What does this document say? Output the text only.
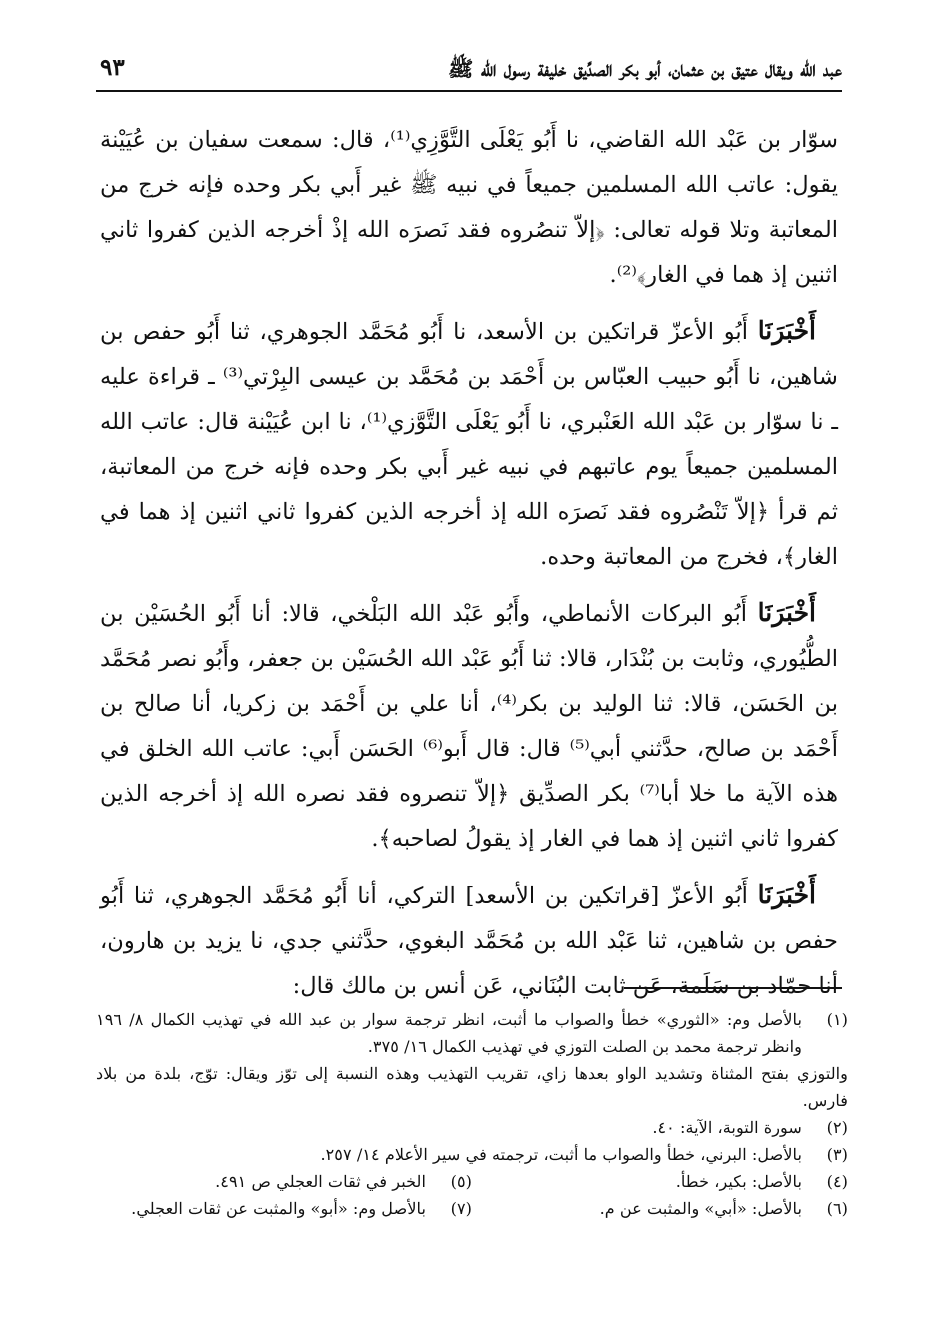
عبد الله ويقال عتيق بن عثمان، أبو بكر الصدِّيق خليفة رسول الله ﷺ
٩٣

سوّار بن عَبْد الله القاضي، نا أَبُو يَعْلَى التَّوَّزِي⁽¹⁾، قال: سمعت سفيان بن عُيَيْنة يقول: عاتب الله المسلمين جميعاً في نبيه ﷺ غير أَبي بكر وحده فإنه خرج من المعاتبة وتلا قوله تعالى: ﴿إلاّ تنصُروه فقد نَصرَه الله إذْ أخرجه الذين كفروا ثاني اثنين إذ هما في الغار﴾⁽²⁾.

أَخْبَرَنَا أَبُو الأعزّ قراتكين بن الأسعد، نا أَبُو مُحَمَّد الجوهري، ثنا أَبُو حفص بن شاهين، نا أَبُو حبيب العبّاس بن أَحْمَد بن مُحَمَّد بن عيسى البِرْتي⁽³⁾ ـ قراءة عليه ـ نا سوّار بن عَبْد الله العَنْبري، نا أَبُو يَعْلَى التَّوَّزي⁽¹⁾، نا ابن عُيَيْنة قال: عاتب الله المسلمين جميعاً يوم عاتبهم في نبيه غير أَبي بكر وحده فإنه خرج من المعاتبة، ثم قرأ ﴿إلاّ تَنْصُروه فقد نَصرَه الله إذ أخرجه الذين كفروا ثاني اثنين إذ هما في الغار﴾، فخرج من المعاتبة وحده.

أَخْبَرَنَا أَبُو البركات الأنماطي، وأَبُو عَبْد الله البَلْخي، قالا: أنا أَبُو الحُسَيْن بن الطُّيُوري، وثابت بن بُنْدَار، قالا: ثنا أَبُو عَبْد الله الحُسَيْن بن جعفر، وأَبُو نصر مُحَمَّد بن الحَسَن، قالا: ثنا الوليد بن بكر⁽⁴⁾، أنا علي بن أَحْمَد بن زكريا، أنا صالح بن أَحْمَد بن صالح، حدَّثني أبي⁽⁵⁾ قال: قال أَبو⁽⁶⁾ الحَسَن أَبي: عاتب الله الخلق في هذه الآية ما خلا أبا⁽⁷⁾ بكر الصدِّيق ﴿إلاّ تنصروه فقد نصره الله إذ أخرجه الذين كفروا ثاني اثنين إذ هما في الغار إذ يقولُ لصاحبه﴾.

أَخْبَرَنَا أَبُو الأعزّ [قراتكين بن الأسعد] التركي، أنا أَبُو مُحَمَّد الجوهري، ثنا أَبُو حفص بن شاهين، ثنا عَبْد الله بن مُحَمَّد البغوي، حدَّثني جدي، نا يزيد بن هارون، أنا حمّاد بن سَلَمة، عَن ثابت البُنَاني، عَن أنس بن مالك قال:

(١)
بالأصل وم: «الثوري» خطأ والصواب ما أثبت، انظر ترجمة سوار بن عبد الله في تهذيب الكمال ٨/ ١٩٦ وانظر ترجمة محمد بن الصلت التوزي في تهذيب الكمال ١٦/ ٣٧٥.
والتوزي بفتح المثناة وتشديد الواو بعدها زاي، تقريب التهذيب وهذه النسبة إلى توّز ويقال: توّج، بلدة من بلاد فارس.
(٢)
سورة التوبة، الآية: ٤٠.
(٣)
بالأصل: البرني، خطأ والصواب ما أثبت، ترجمته في سير الأعلام ١٤/ ٢٥٧.
(٤)
بالأصل: بكير، خطأ.
(٥)
الخبر في ثقات العجلي ص ٤٩١.
(٦)
بالأصل: «أبي» والمثبت عن م.
(٧)
بالأصل وم: «أبو» والمثبت عن ثقات العجلي.
